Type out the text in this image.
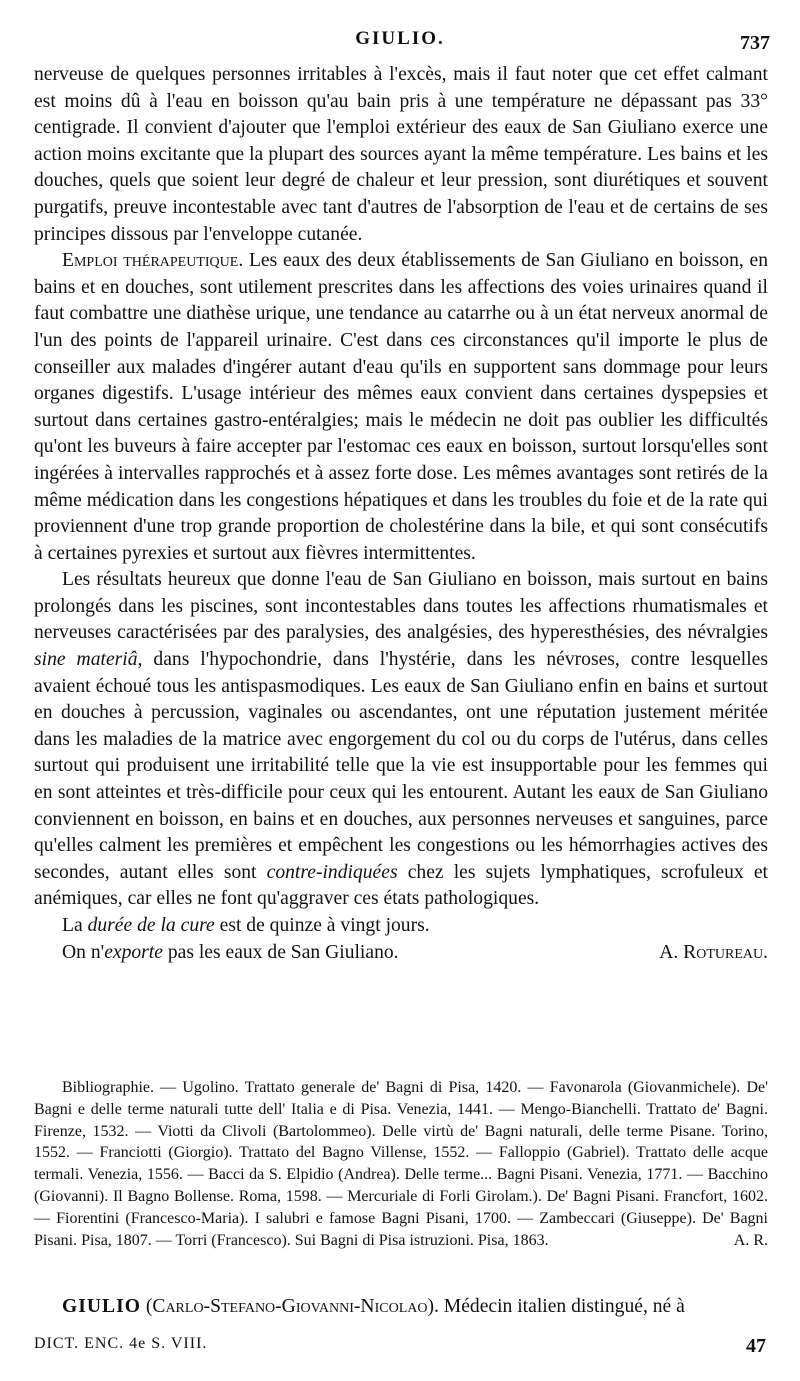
GIULIO.	737

nerveuse de quelques personnes irritables à l'excès, mais il faut noter que cet effet calmant est moins dû à l'eau en boisson qu'au bain pris à une température ne dépassant pas 33° centigrade. Il convient d'ajouter que l'emploi extérieur des eaux de San Giuliano exerce une action moins excitante que la plupart des sources ayant la même température. Les bains et les douches, quels que soient leur degré de chaleur et leur pression, sont diurétiques et souvent purgatifs, preuve incontestable avec tant d'autres de l'absorption de l'eau et de certains de ses principes dissous par l'enveloppe cutanée.

Emploi thérapeutique. Les eaux des deux établissements de San Giuliano en boisson, en bains et en douches, sont utilement prescrites dans les affections des voies urinaires quand il faut combattre une diathèse urique, une tendance au catarrhe ou à un état nerveux anormal de l'un des points de l'appareil urinaire. C'est dans ces circonstances qu'il importe le plus de conseiller aux malades d'ingérer autant d'eau qu'ils en supportent sans dommage pour leurs organes digestifs. L'usage intérieur des mêmes eaux convient dans certaines dyspepsies et surtout dans certaines gastro-entéralgies; mais le médecin ne doit pas oublier les difficultés qu'ont les buveurs à faire accepter par l'estomac ces eaux en boisson, surtout lorsqu'elles sont ingérées à intervalles rapprochés et à assez forte dose. Les mêmes avantages sont retirés de la même médication dans les congestions hépatiques et dans les troubles du foie et de la rate qui proviennent d'une trop grande proportion de cholestérine dans la bile, et qui sont consécutifs à certaines pyrexies et surtout aux fièvres intermittentes.

Les résultats heureux que donne l'eau de San Giuliano en boisson, mais surtout en bains prolongés dans les piscines, sont incontestables dans toutes les affections rhumatismales et nerveuses caractérisées par des paralysies, des analgésies, des hyperesthésies, des névralgies sine materiâ, dans l'hypochondrie, dans l'hystérie, dans les névroses, contre lesquelles avaient échoué tous les antispasmodiques. Les eaux de San Giuliano enfin en bains et surtout en douches à percussion, vaginales ou ascendantes, ont une réputation justement méritée dans les maladies de la matrice avec engorgement du col ou du corps de l'utérus, dans celles surtout qui produisent une irritabilité telle que la vie est insupportable pour les femmes qui en sont atteintes et très-difficile pour ceux qui les entourent. Autant les eaux de San Giuliano conviennent en boisson, en bains et en douches, aux personnes nerveuses et sanguines, parce qu'elles calment les premières et empêchent les congestions ou les hémorrhagies actives des secondes, autant elles sont contre-indiquées chez les sujets lymphatiques, scrofuleux et anémiques, car elles ne font qu'aggraver ces états pathologiques.

La durée de la cure est de quinze à vingt jours.

On n'exporte pas les eaux de San Giuliano.	A. Rotureau.

Bibliographie. — Ugolino. Trattato generale de' Bagni di Pisa, 1420. — Favonarola (Giovanmichele). De' Bagni e delle terme naturali tutte dell' Italia e di Pisa. Venezia, 1441. — Mengo-Bianchelli. Trattato de' Bagni. Firenze, 1532. — Viotti da Clivoli (Bartolommeo). Delle virtù de' Bagni naturali, delle terme Pisane. Torino, 1552. — Franciotti (Giorgio). Trattato del Bagno Villense, 1552. — Falloppio (Gabriel). Trattato delle acque termali. Venezia, 1556. — Bacci da S. Elpidio (Andrea). Delle terme... Bagni Pisani. Venezia, 1771. — Bacchino (Giovanni). Il Bagno Bollense. Roma, 1598. — Mercuriale di Forli Girolam.). De' Bagni Pisani. Francfort, 1602. — Fiorentini (Francesco-Maria). I salubri e famose Bagni Pisani, 1700. — Zambeccari (Giuseppe). De' Bagni Pisani. Pisa, 1807. — Torri (Francesco). Sui Bagni di Pisa istruzioni. Pisa, 1863.	A. R.

GIULIO (Carlo-Stefano-Giovanni-Nicolao). Médecin italien distingué, né à

DICT. ENC. 4e S. VIII.	47
